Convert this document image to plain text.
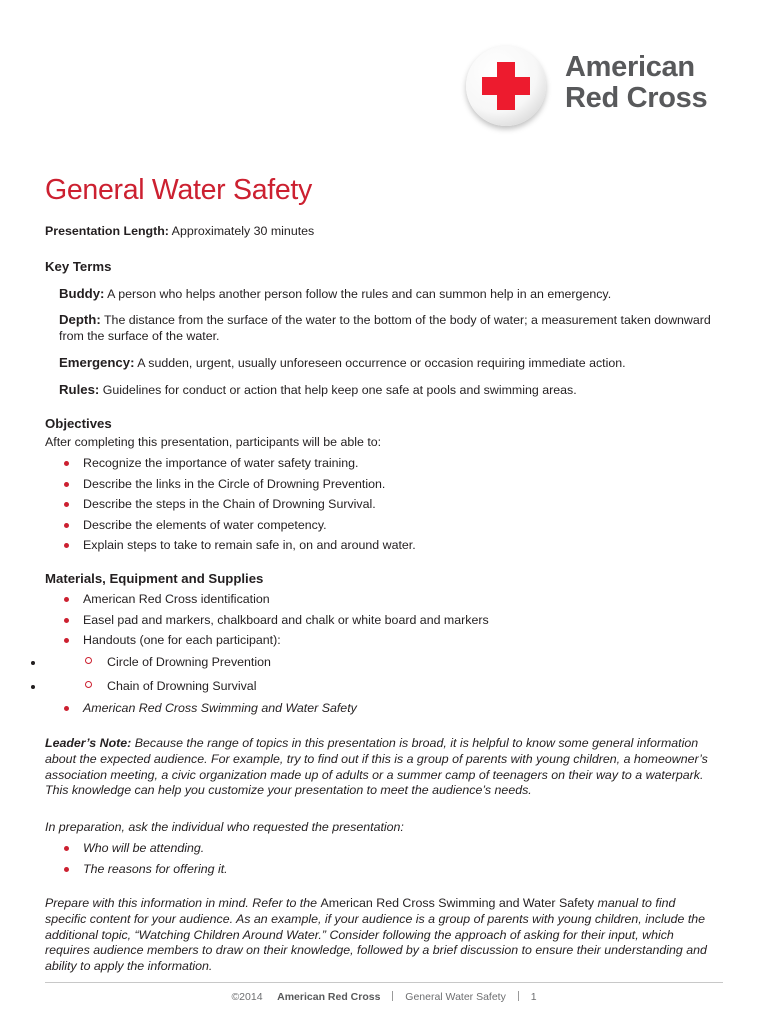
American
Red Cross
General Water Safety
Presentation Length: Approximately 30 minutes
Key Terms
Buddy: A person who helps another person follow the rules and can summon help in an emergency.
Depth: The distance from the surface of the water to the bottom of the body of water; a measurement taken downward from the surface of the water.
Emergency: A sudden, urgent, usually unforeseen occurrence or occasion requiring immediate action.
Rules: Guidelines for conduct or action that help keep one safe at pools and swimming areas.
Objectives
After completing this presentation, participants will be able to:
Recognize the importance of water safety training.
Describe the links in the Circle of Drowning Prevention.
Describe the steps in the Chain of Drowning Survival.
Describe the elements of water competency.
Explain steps to take to remain safe in, on and around water.
Materials, Equipment and Supplies
American Red Cross identification
Easel pad and markers, chalkboard and chalk or white board and markers
Handouts (one for each participant):
• Circle of Drowning Prevention
• Chain of Drowning Survival
American Red Cross Swimming and Water Safety
Leader’s Note: Because the range of topics in this presentation is broad, it is helpful to know some general information about the expected audience. For example, try to find out if this is a group of parents with young children, a homeowner’s association meeting, a civic organization made up of adults or a summer camp of teenagers on their way to a waterpark. This knowledge can help you customize your presentation to meet the audience’s needs.
In preparation, ask the individual who requested the presentation:
Who will be attending.
The reasons for offering it.
Prepare with this information in mind. Refer to the American Red Cross Swimming and Water Safety manual to find specific content for your audience. As an example, if your audience is a group of parents with young children, include the additional topic, “Watching Children Around Water.” Consider following the approach of asking for their input, which requires audience members to draw on their knowledge, followed by a brief discussion to ensure their understanding and ability to apply the information.
©2014 American Red Cross General Water Safety 1
